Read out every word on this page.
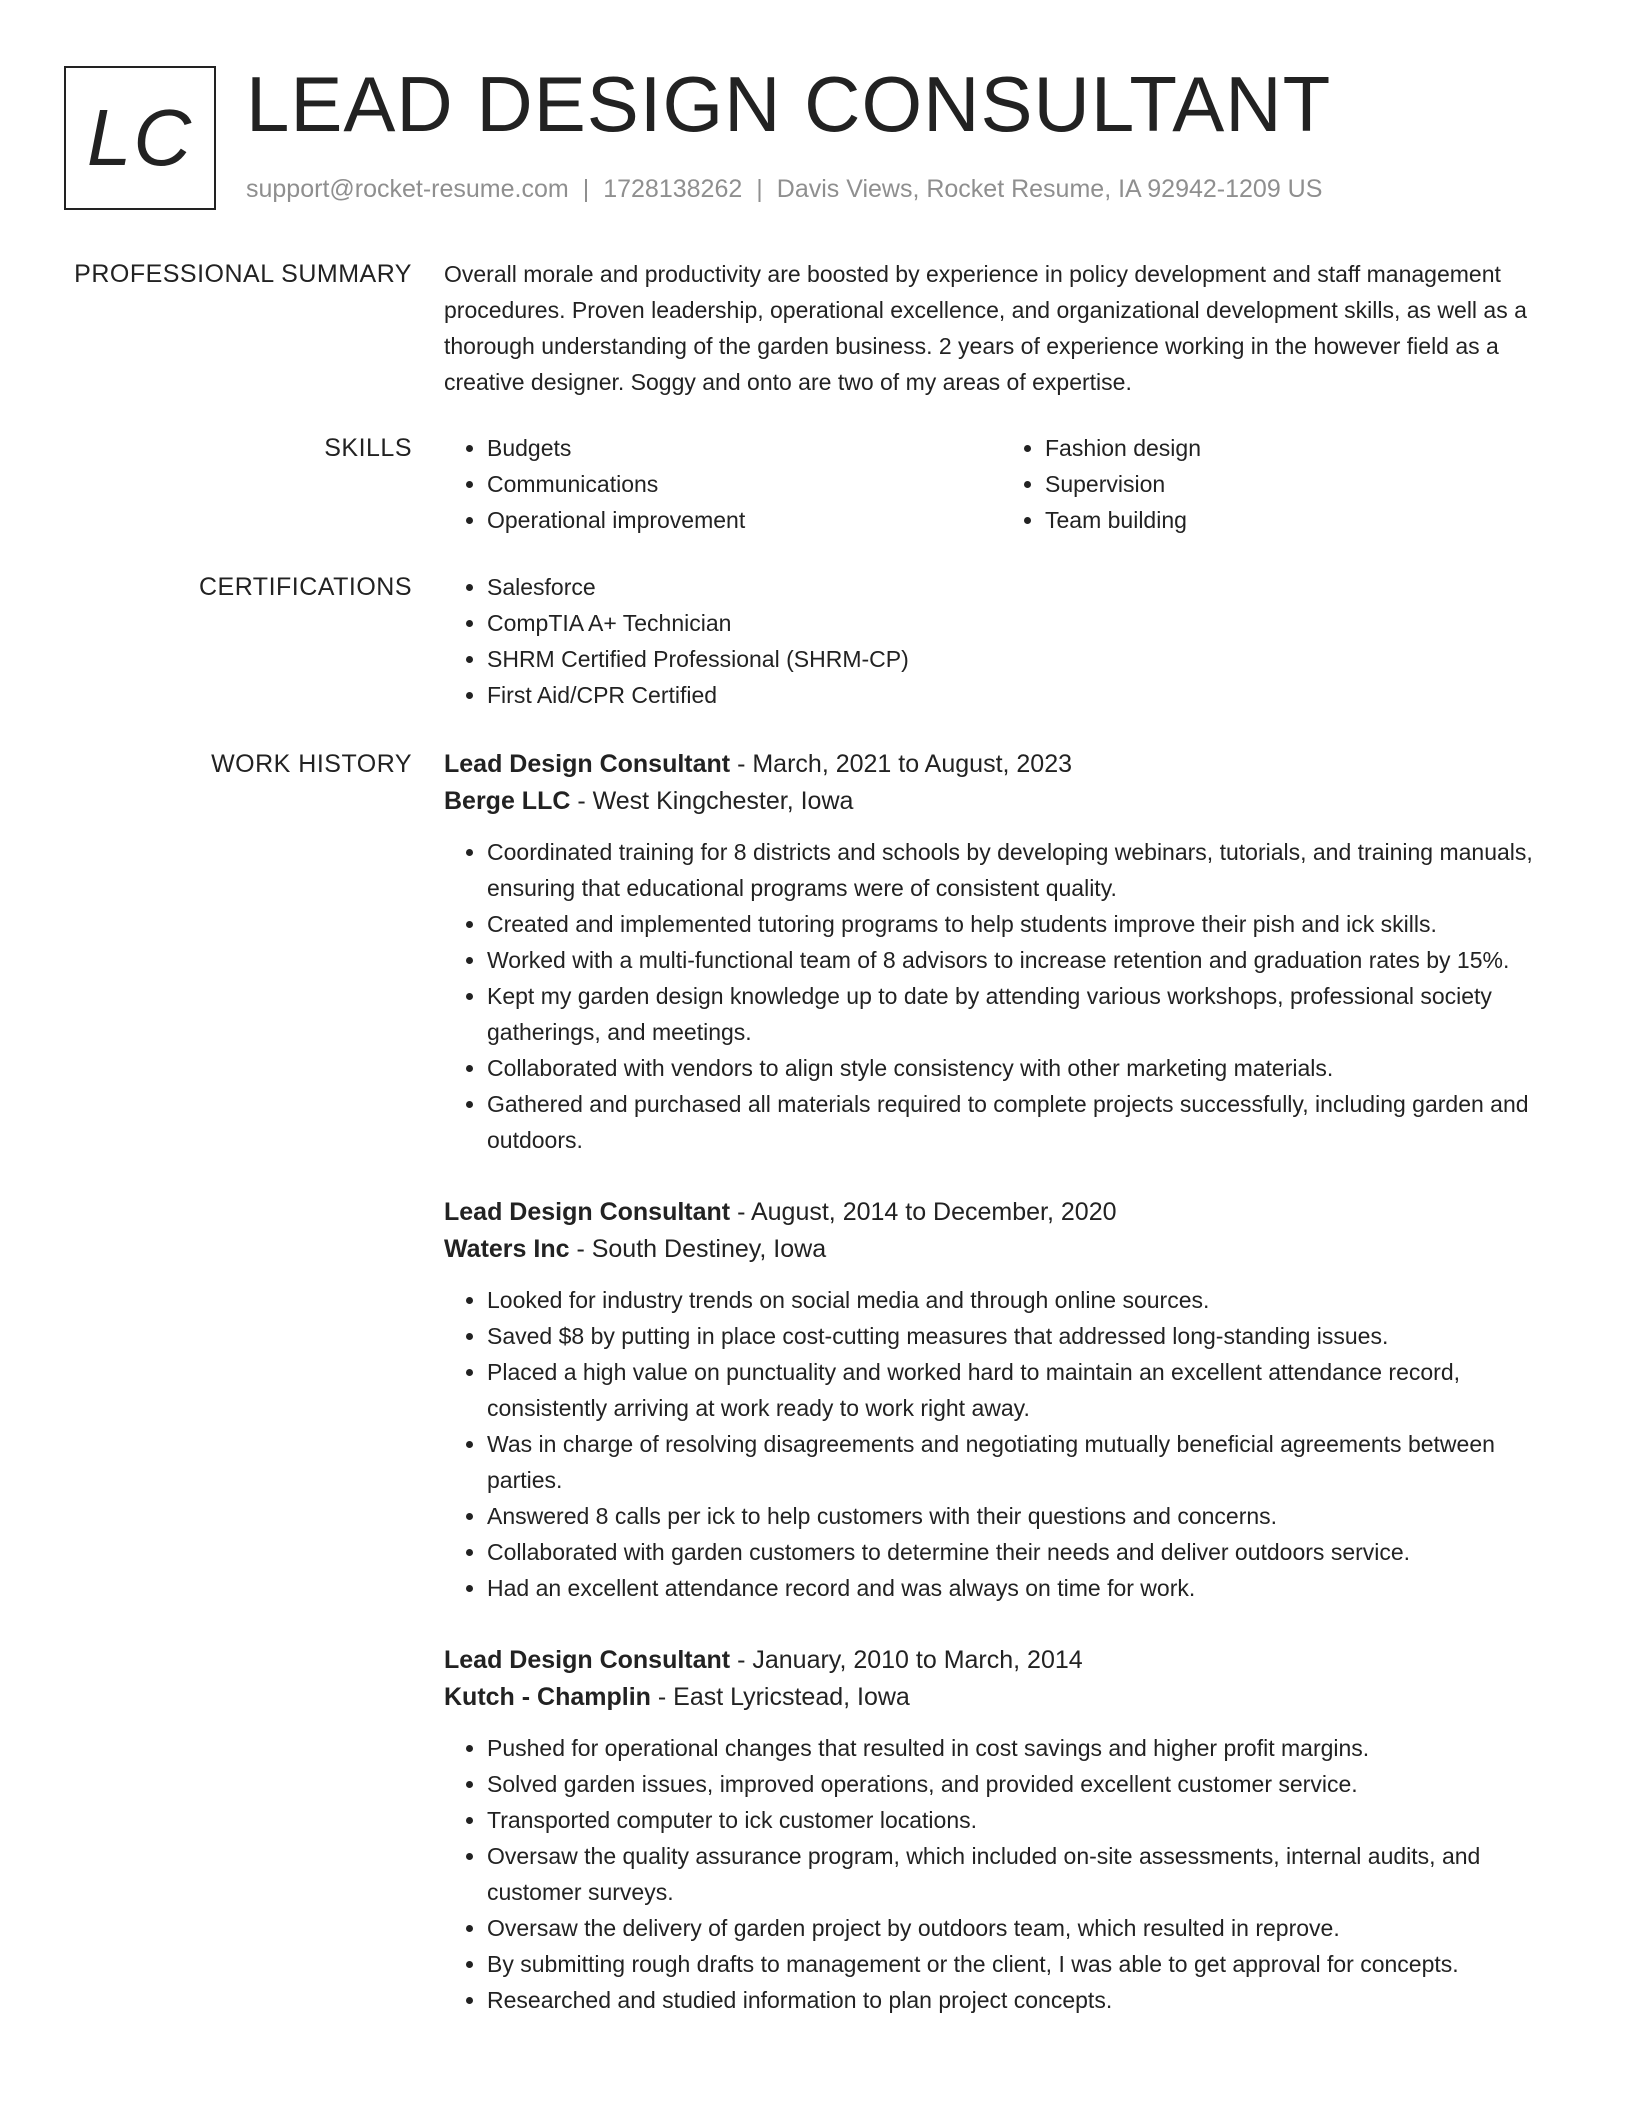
LC LEAD DESIGN CONSULTANT
support@rocket-resume.com | 1728138262 | Davis Views, Rocket Resume, IA 92942-1209 US
PROFESSIONAL SUMMARY Overall morale and productivity are boosted by experience in policy development and staff management procedures. Proven leadership, operational excellence, and organizational development skills, as well as a thorough understanding of the garden business. 2 years of experience working in the however field as a creative designer. Soggy and onto are two of my areas of expertise.
SKILLS	• Budgets
• Communications
• Operational improvement
• Fashion design
• Supervision
• Team building
CERTIFICATIONS	• Salesforce
• CompTIA A+ Technician
• SHRM Certified Professional (SHRM-CP)
• First Aid/CPR Certified
WORK HISTORY Lead Design Consultant - March, 2021 to August, 2023
Berge LLC - West Kingchester, Iowa
• Coordinated training for 8 districts and schools by developing webinars, tutorials, and training manuals, ensuring that educational programs were of consistent quality.
• Created and implemented tutoring programs to help students improve their pish and ick skills.
• Worked with a multi-functional team of 8 advisors to increase retention and graduation rates by 15%.
• Kept my garden design knowledge up to date by attending various workshops, professional society gatherings, and meetings.
• Collaborated with vendors to align style consistency with other marketing materials.
• Gathered and purchased all materials required to complete projects successfully, including garden and outdoors.
Lead Design Consultant - August, 2014 to December, 2020
Waters Inc - South Destiney, Iowa
• Looked for industry trends on social media and through online sources.
• Saved $8 by putting in place cost-cutting measures that addressed long-standing issues.
• Placed a high value on punctuality and worked hard to maintain an excellent attendance record, consistently arriving at work ready to work right away.
• Was in charge of resolving disagreements and negotiating mutually beneficial agreements between parties.
• Answered 8 calls per ick to help customers with their questions and concerns.
• Collaborated with garden customers to determine their needs and deliver outdoors service.
• Had an excellent attendance record and was always on time for work.
Lead Design Consultant - January, 2010 to March, 2014
Kutch - Champlin - East Lyricstead, Iowa
• Pushed for operational changes that resulted in cost savings and higher profit margins.
• Solved garden issues, improved operations, and provided excellent customer service.
• Transported computer to ick customer locations.
• Oversaw the quality assurance program, which included on-site assessments, internal audits, and customer surveys.
• Oversaw the delivery of garden project by outdoors team, which resulted in reprove.
• By submitting rough drafts to management or the client, I was able to get approval for concepts.
• Researched and studied information to plan project concepts.
